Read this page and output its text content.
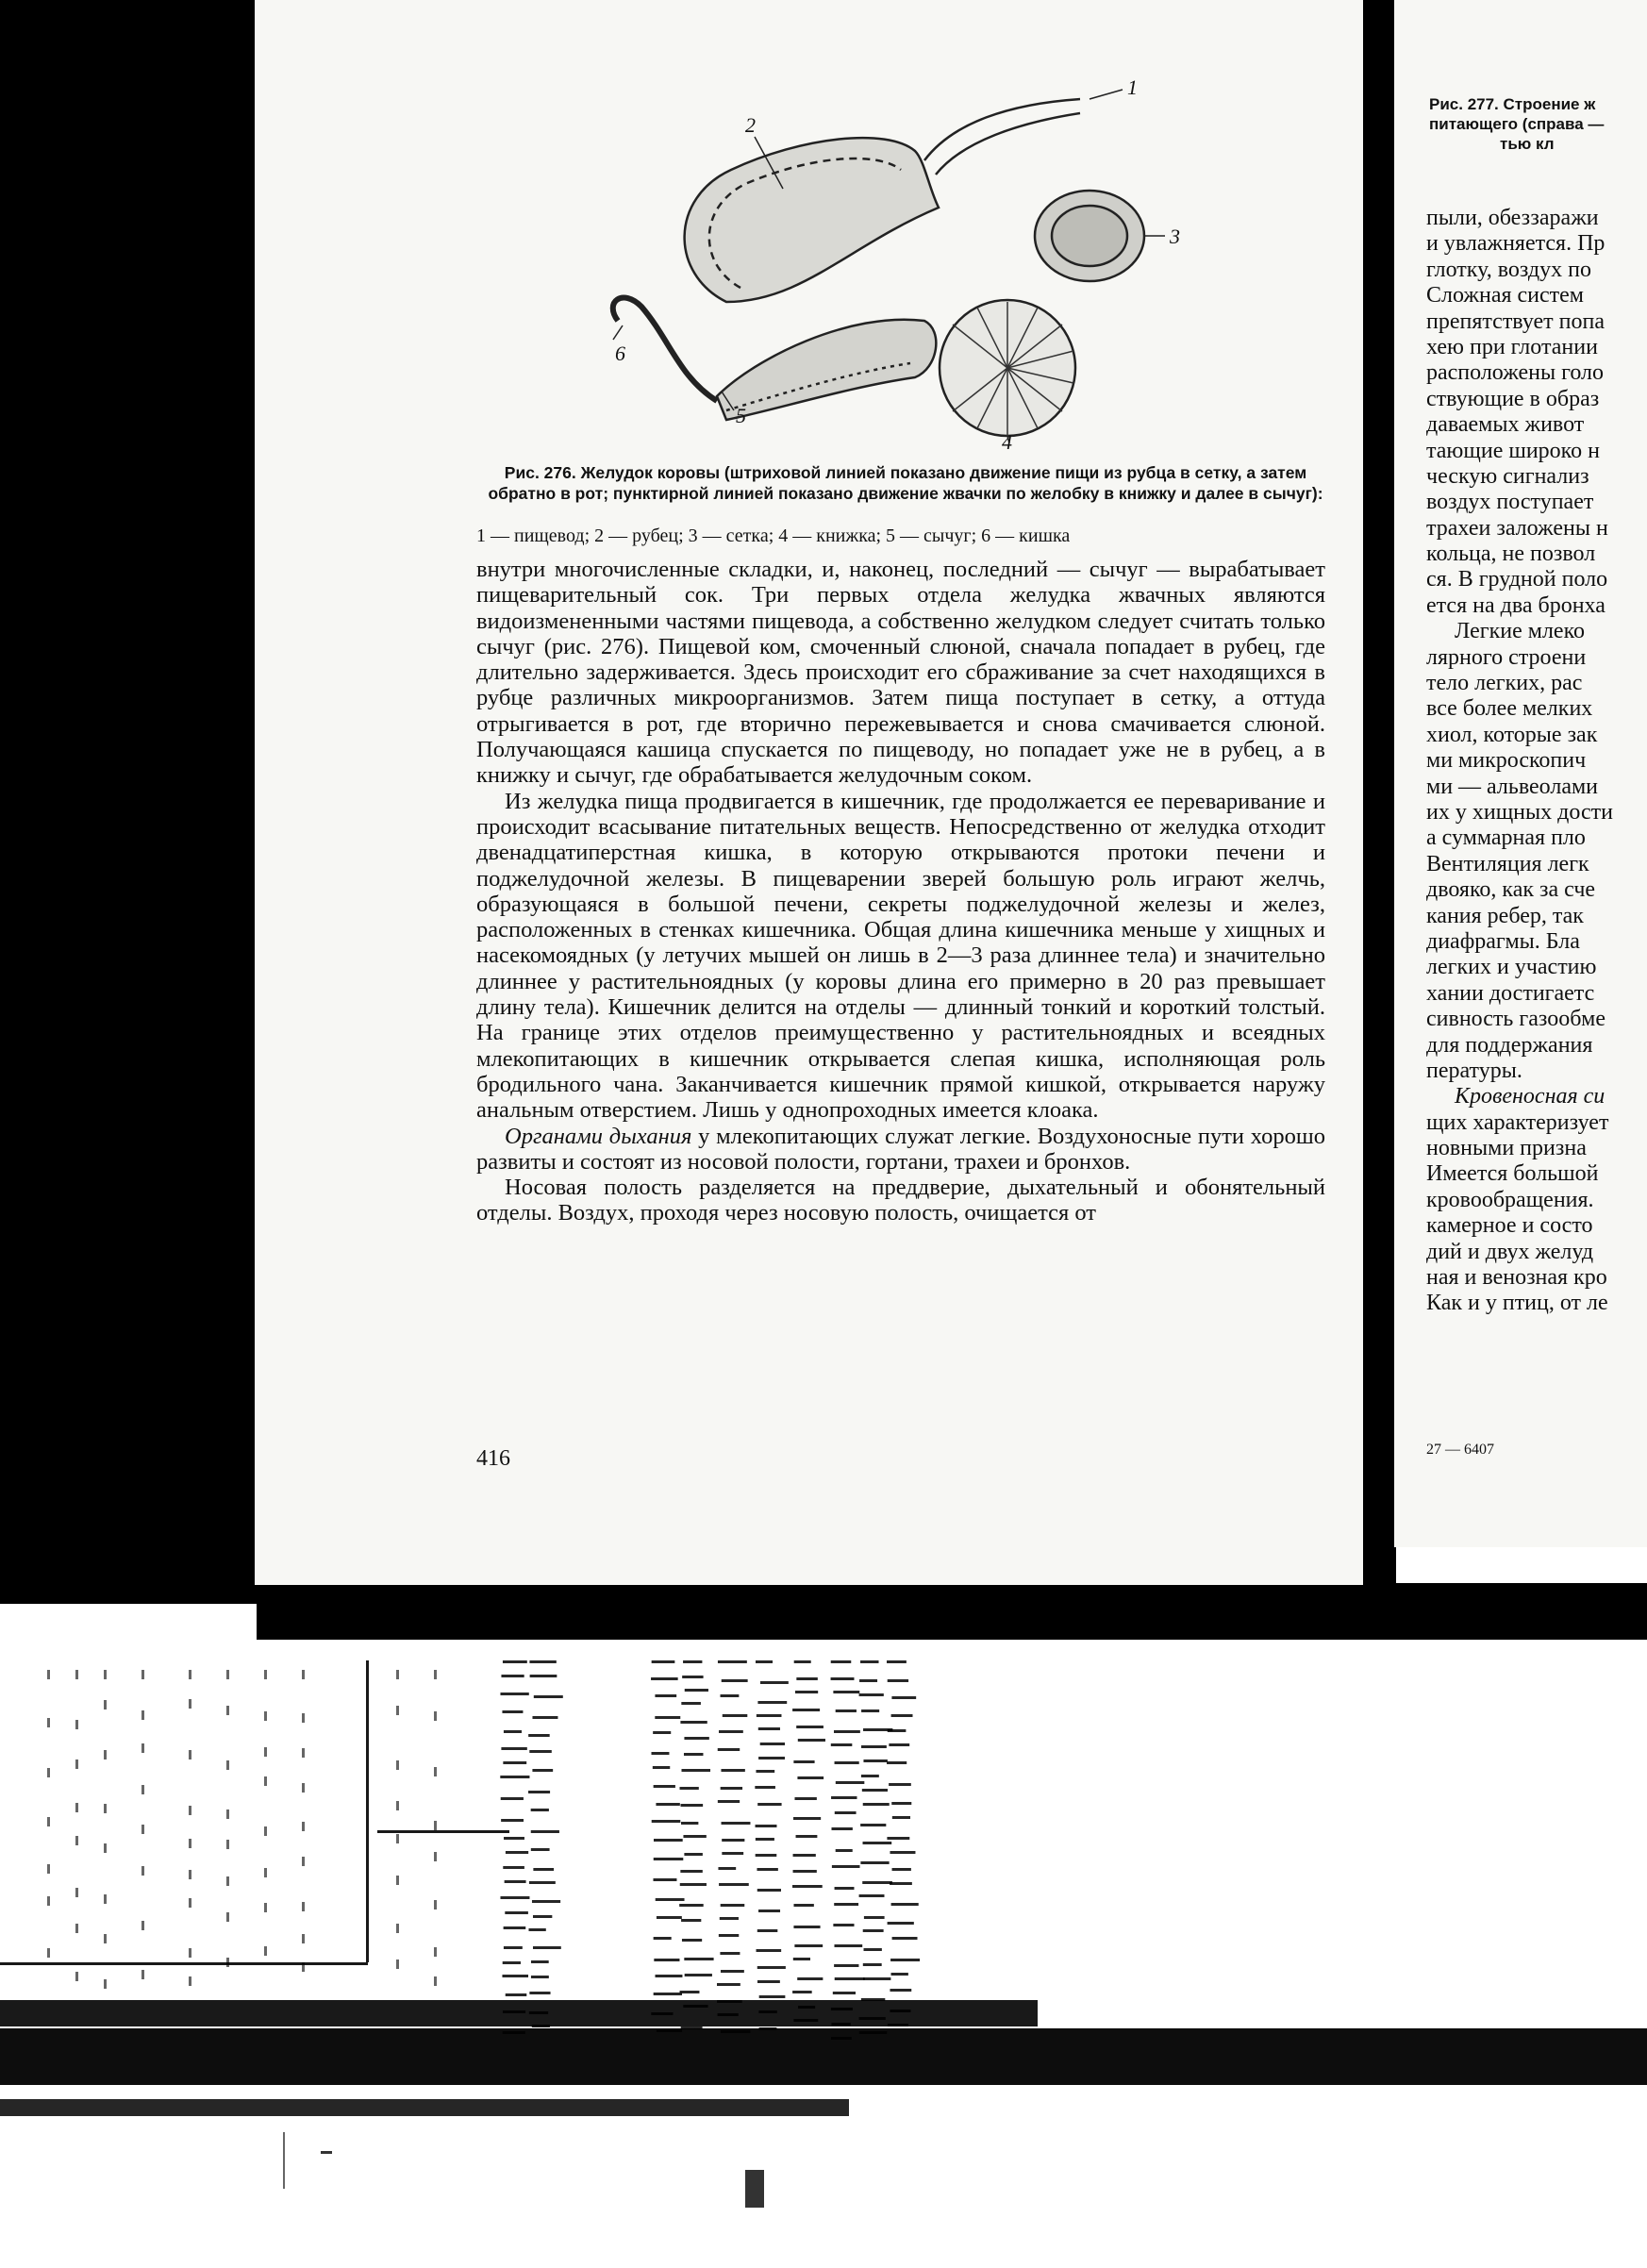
1
2
3
4
5
6
Рис. 276. Желудок коровы (штриховой линией показано движение пищи из рубца в сетку, а затем обратно в рот; пунктирной линией показано движение жвачки по желобку в книжку и далее в сычуг):
1 — пищевод; 2 — рубец; 3 — сетка; 4 — книжка; 5 — сычуг; 6 — кишка

внутри многочисленные складки, и, наконец, последний — сычуг — вырабатывает пищеварительный сок. Три первых отдела желудка жвачных являются видоизмененными частями пищевода, а собственно желудком следует считать только сычуг (рис. 276). Пищевой ком, смоченный слюной, сначала попадает в рубец, где длительно задерживается. Здесь происходит его сбраживание за счет находящихся в рубце различных микроорганизмов. Затем пища поступает в сетку, а оттуда отрыгивается в рот, где вторично пережевывается и снова смачивается слюной. Получающаяся кашица спускается по пищеводу, но попадает уже не в рубец, а в книжку и сычуг, где обрабатывается желудочным соком.

Из желудка пища продвигается в кишечник, где продолжается ее переваривание и происходит всасывание питательных веществ. Непосредственно от желудка отходит двенадцатиперстная кишка, в которую открываются протоки печени и поджелудочной железы. В пищеварении зверей большую роль играют желчь, образующаяся в большой печени, секреты поджелудочной железы и желез, расположенных в стенках кишечника. Общая длина кишечника меньше у хищных и насекомоядных (у летучих мышей он лишь в 2—3 раза длиннее тела) и значительно длиннее у растительноядных (у коровы длина его примерно в 20 раз превышает длину тела). Кишечник делится на отделы — длинный тонкий и короткий толстый. На границе этих отделов преимущественно у растительноядных и всеядных млекопитающих в кишечник открывается слепая кишка, исполняющая роль бродильного чана. Заканчивается кишечник прямой кишкой, открывается наружу анальным отверстием. Лишь у однопроходных имеется клоака.

Органами дыхания у млекопитающих служат легкие. Воздухоносные пути хорошо развиты и состоят из носовой полости, гортани, трахеи и бронхов.

Носовая полость разделяется на преддверие, дыхательный и обонятельный отделы. Воздух, проходя через носовую полость, очищается от

416
Рис. 277. Строение ж
питающего (справа —
тью кл
пыли, обеззаражи
и увлажняется. Пр
глотку, воздух по
Сложная систем
препятствует попа
хею при глотании
расположены голо
ствующие в образ
даваемых живот
тающие широко н
ческую сигнализ
воздух поступает
трахеи заложены н
кольца, не позвол
ся. В грудной поло
ется на два бронха
Легкие млеко
лярного строени
тело легких, рас
все более мелких
хиол, которые зак
ми микроскопич
ми — альвеолами
их у хищных дости
а суммарная пло
Вентиляция легк
двояко, как за сче
кания ребер, так
диафрагмы. Бла
легких и участию
хании достигаетс
сивность газообме
для поддержания
пературы.
Кровеносная си
щих характеризует
новными призна
Имеется большой
кровообращения.
камерное и состо
дий и двух желуд
ная и венозная кро
Как и у птиц, от ле
27 — 6407
